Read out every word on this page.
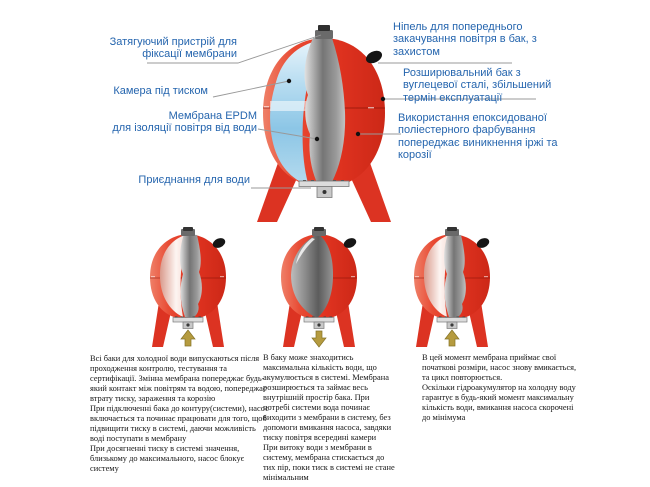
Затягуючий пристрій для
фіксації мембрани
Камера під тиском
Мембрана EPDM
для ізоляції повітря від води
Приєднання для води
Ніпель для попереднього
закачування повітря в бак, з
захистом
Розширювальний бак з
вуглецевої сталі, збільшений
термін експлуатації
Використання епоксидованої
поліестерного фарбування
попереджає виникнення іржі та
корозії

Всі баки для холодної води випускаються після проходження контролю, тестування та сертифікації. Змінна мембрана попереджає будь-який контакт між повітрям та водою, попереджає втрату тиску, зараження та корозію

При підключенні бака до контуру(системи), насос включається та починає працювати для того, щоб підвищити тиску в системі, даючи можливість воді поступати в мембрану

При досягненні тиску в системі значення, близькому до максимального, насос блокує систему

В баку може знаходитись максимальна кількість води, що акумулюється в системі. Мембрана розширюється та займає весь внутрішній простір бака. При потребі системи вода починає виходити з мембрани в систему, без допомоги вмикання насоса, завдяки тиску повітря всередині камери

При витоку води з мембрани в систему, мембрана стискається до тих пір, поки тиск в системі не стане мінімальним

В цей момент мембрана приймає свої початкові розміри, насос знову вмикається, та цикл повторюється.

Оскільки гідроакумулятор на холодну воду гарантує в будь-який момент максимальну кількість води, вмикання насоса скорочені до мінімума
